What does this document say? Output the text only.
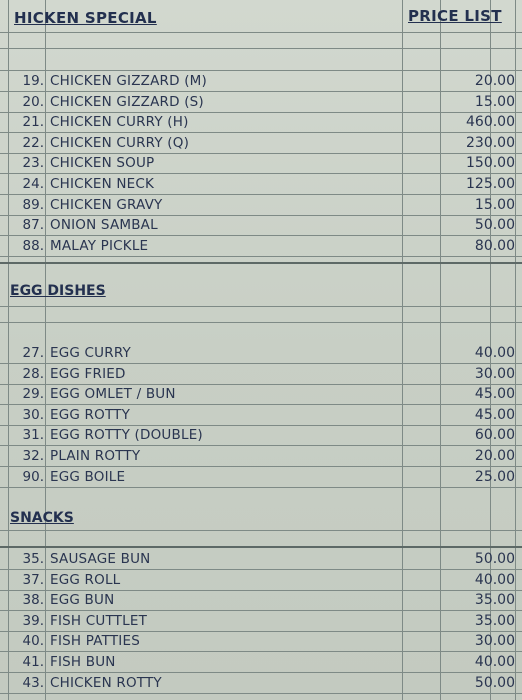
HICKEN SPECIAL	PRICE LIST
19. CHICKEN GIZZARD (M)	20.00
20. CHICKEN GIZZARD (S)	15.00
21. CHICKEN CURRY (H)	460.00
22. CHICKEN CURRY (Q)	230.00
23. CHICKEN SOUP	150.00
24. CHICKEN NECK	125.00
89. CHICKEN GRAVY	15.00
87. ONION SAMBAL	50.00
88. MALAY PICKLE	80.00
EGG DISHES
27. EGG CURRY	40.00
28. EGG FRIED	30.00
29. EGG OMLET / BUN	45.00
30. EGG ROTTY	45.00
31. EGG ROTTY (DOUBLE)	60.00
32. PLAIN ROTTY	20.00
90. EGG BOILE	25.00
SNACKS
35. SAUSAGE BUN	50.00
37. EGG ROLL	40.00
38. EGG BUN	35.00
39. FISH CUTTLET	35.00
40. FISH PATTIES	30.00
41. FISH BUN	40.00
43. CHICKEN ROTTY	50.00
